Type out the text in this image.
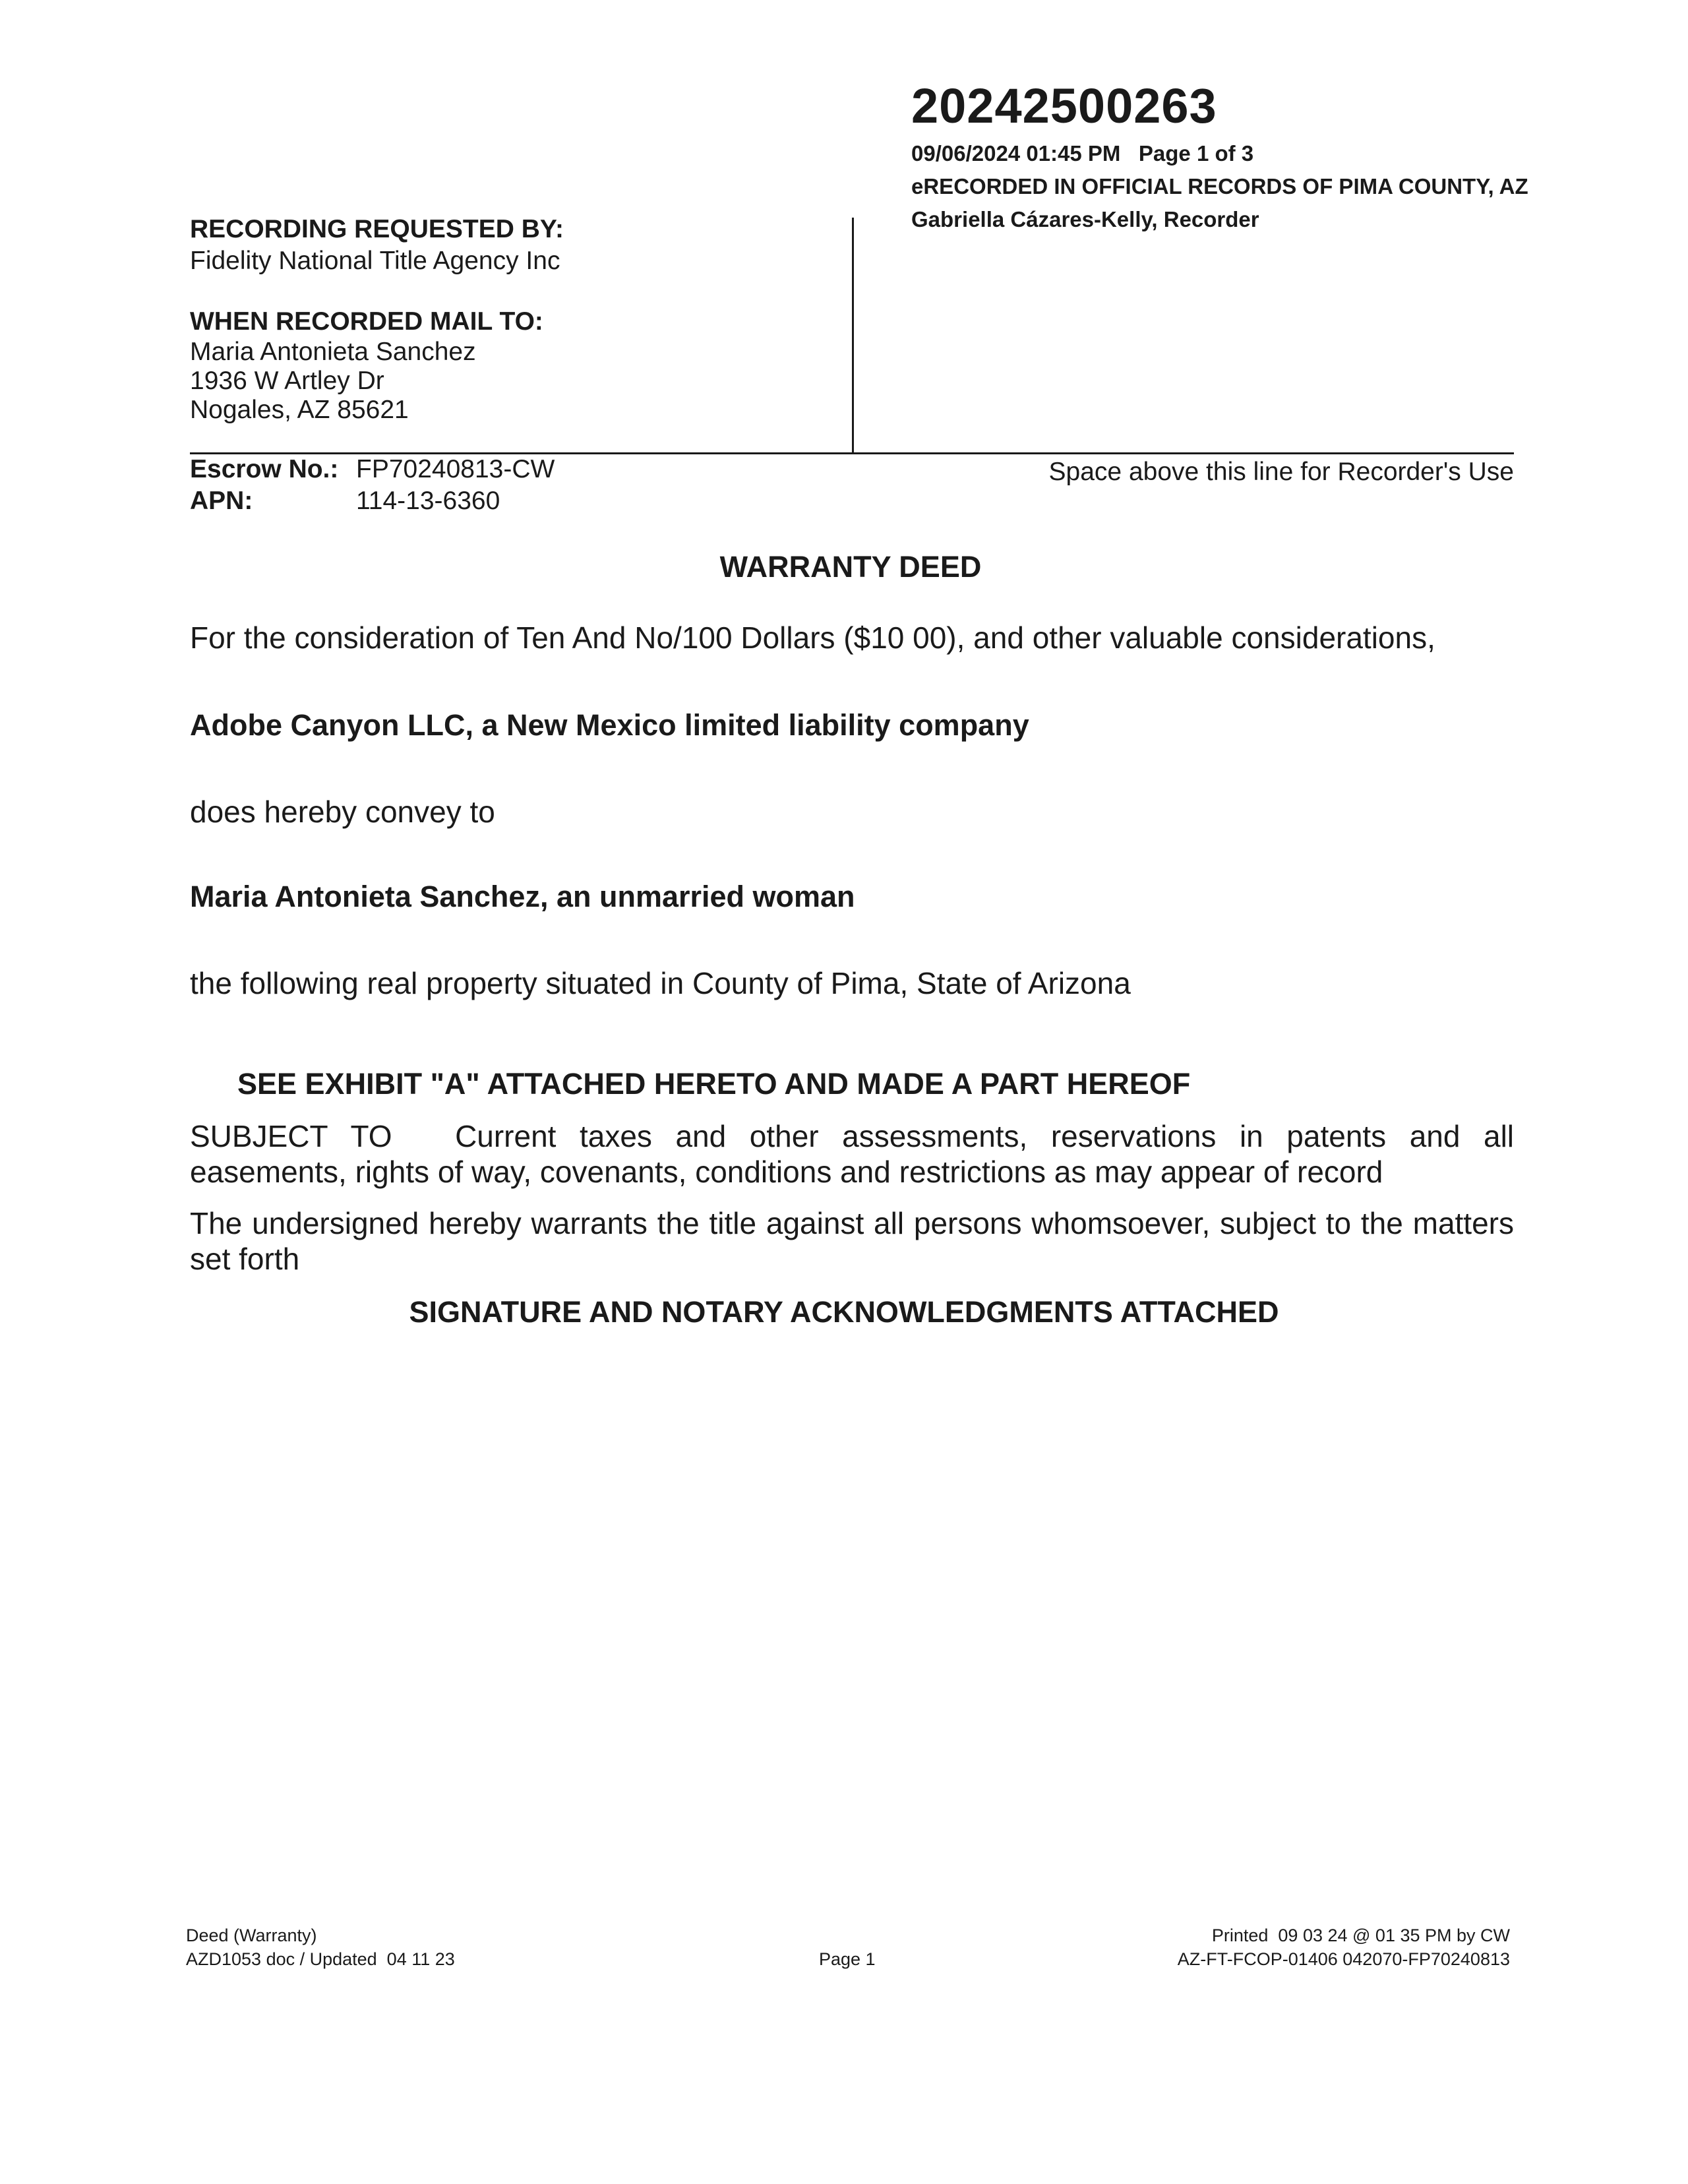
20242500263
09/06/2024 01:45 PM   Page 1 of 3
eRECORDED IN OFFICIAL RECORDS OF PIMA COUNTY, AZ
Gabriella Cázares-Kelly, Recorder
RECORDING REQUESTED BY:
Fidelity National Title Agency Inc
WHEN RECORDED MAIL TO:
Maria Antonieta Sanchez
1936 W Artley Dr
Nogales, AZ 85621
Escrow No.: FP70240813-CW
APN:	114-13-6360
Space above this line for Recorder's Use
WARRANTY DEED
For the consideration of Ten And No/100 Dollars ($10 00), and other valuable considerations,
Adobe Canyon LLC, a New Mexico limited liability company
does hereby convey to
Maria Antonieta Sanchez, an unmarried woman
the following real property situated in County of Pima, State of Arizona
SEE EXHIBIT "A" ATTACHED HERETO AND MADE A PART HEREOF
SUBJECT TO Current taxes and other assessments, reservations in patents and all easements, rights of way, covenants, conditions and restrictions as may appear of record
The undersigned hereby warrants the title against all persons whomsoever, subject to the matters set forth
SIGNATURE AND NOTARY ACKNOWLEDGMENTS ATTACHED
Deed (Warranty)
AZD1053 doc / Updated  04 11 23	Page 1
Printed  09 03 24 @ 01 35 PM by CW
AZ-FT-FCOP-01406 042070-FP70240813
